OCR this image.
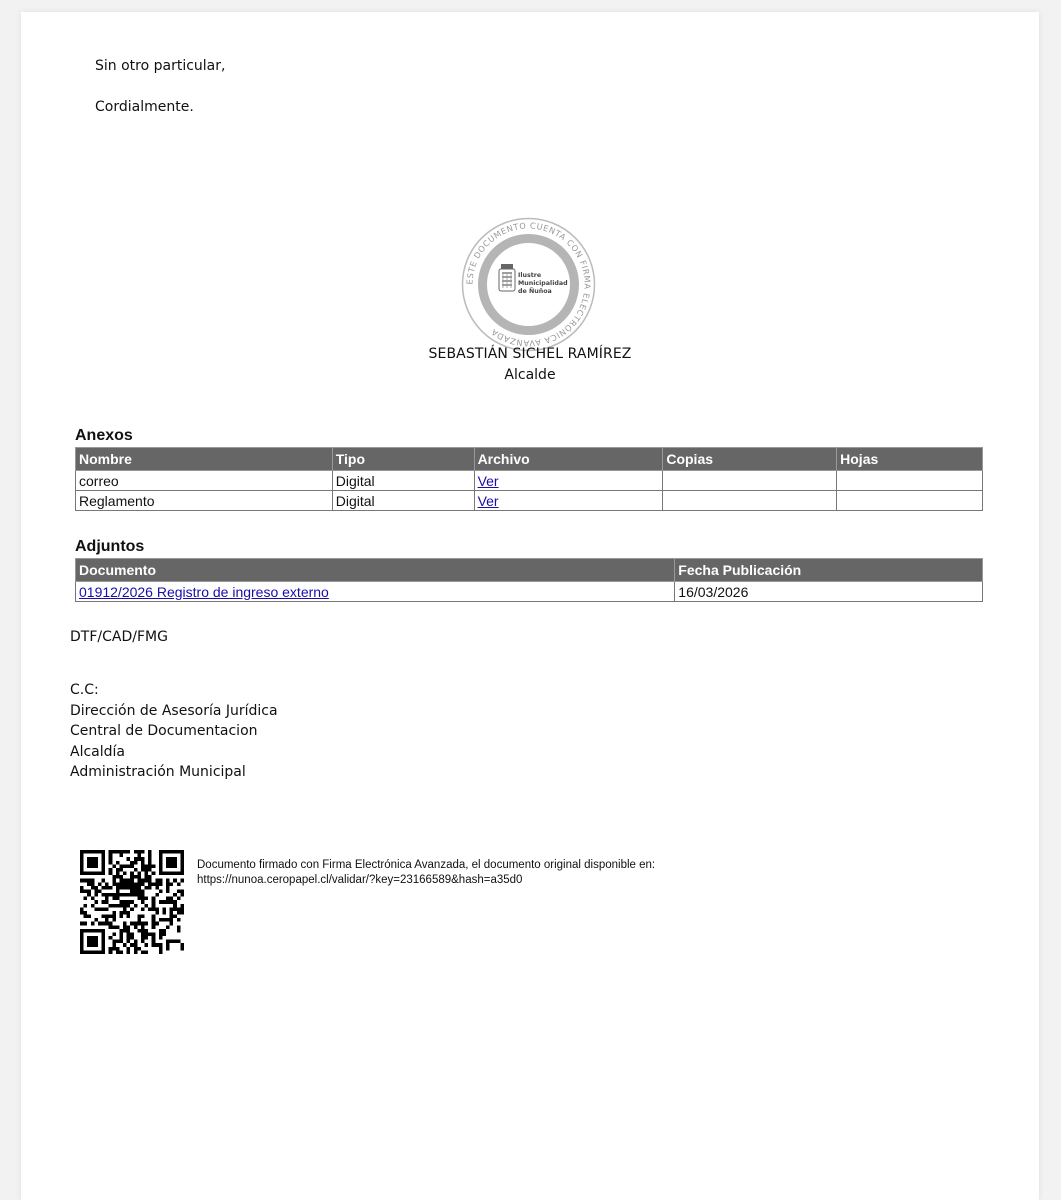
Sin otro particular,
Cordialmente.
ESTE DOCUMENTO CUENTA CON FIRMA ELECTRÓNICA AVANZADA
Ilustre
Municipalidad
de Ñuñoa
SEBASTIÁN SICHEL RAMÍREZ
Alcalde
Anexos
Nombre	Tipo	Archivo	Copias	Hojas
correo	Digital	Ver		
Reglamento	Digital	Ver		
Adjuntos
Documento	Fecha Publicación
01912/2026 Registro de ingreso externo	16/03/2026
DTF/CAD/FMG
C.C:
Dirección de Asesoría Jurídica
Central de Documentacion
Alcaldía
Administración Municipal
Documento firmado con Firma Electrónica Avanzada, el documento original disponible en:
https://nunoa.ceropapel.cl/validar/?key=23166589&hash=a35d0
